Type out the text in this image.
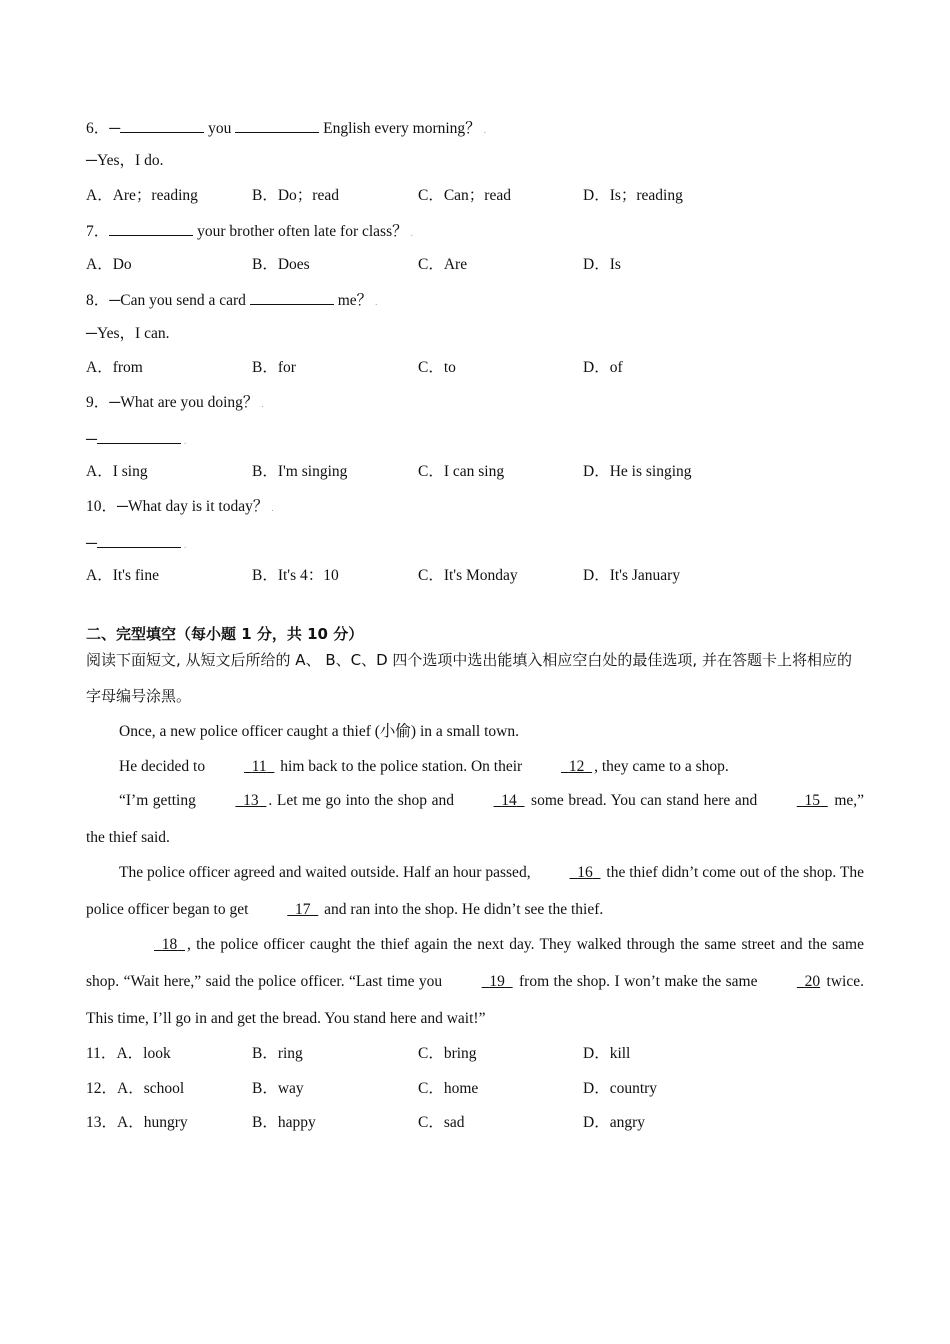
6．─	you	English every morning？ .
─Yes，I do.
A．Are；reading	B．Do；read	C．Can；read	D．Is；reading
7．	your brother often late for class？ .
A．Do	B．Does	C．Are	D．Is
8．─Can you send a card	me？ .
─Yes，I can.
A．from	B．for	C．to	D．of
9．─What are you doing？ .
─	.
A．I sing	B．I'm singing	C．I can sing	D．He is singing
10．─What day is it today？ .
─	.
A．It's fine	B．It's 4：10	C．It's Monday	D．It's January
二、完型填空（每小题 1 分，共 10 分）
阅读下面短文, 从短文后所给的 A、 B、C、D 四个选项中选出能填入相应空白处的最佳选项, 并在答题卡上将相应的字母编号涂黑。
Once, a new police officer caught a thief (小偷) in a small town.
He decided to	11   him back to the police station. On their	12 , they came to a shop.
“I’m getting	13 . Let me go into the shop and	14   some bread. You can stand here and	15   me,” the thief said.
The police officer agreed and waited outside. Half an hour passed,	16   the thief didn’t come out of the shop. The police officer began to get	17   and ran into the shop. He didn’t see the thief.
18 , the police officer caught the thief again the next day. They walked through the same street and the same shop. “Wait here,” said the police officer. “Last time you	19   from the shop. I won’t make the same	20 twice. This time, I’ll go in and get the bread. You stand here and wait!”
11．A．look	B．ring	C．bring	D．kill
12．A．school	B．way	C．home	D．country
13．A．hungry	B．happy	C．sad	D．angry
